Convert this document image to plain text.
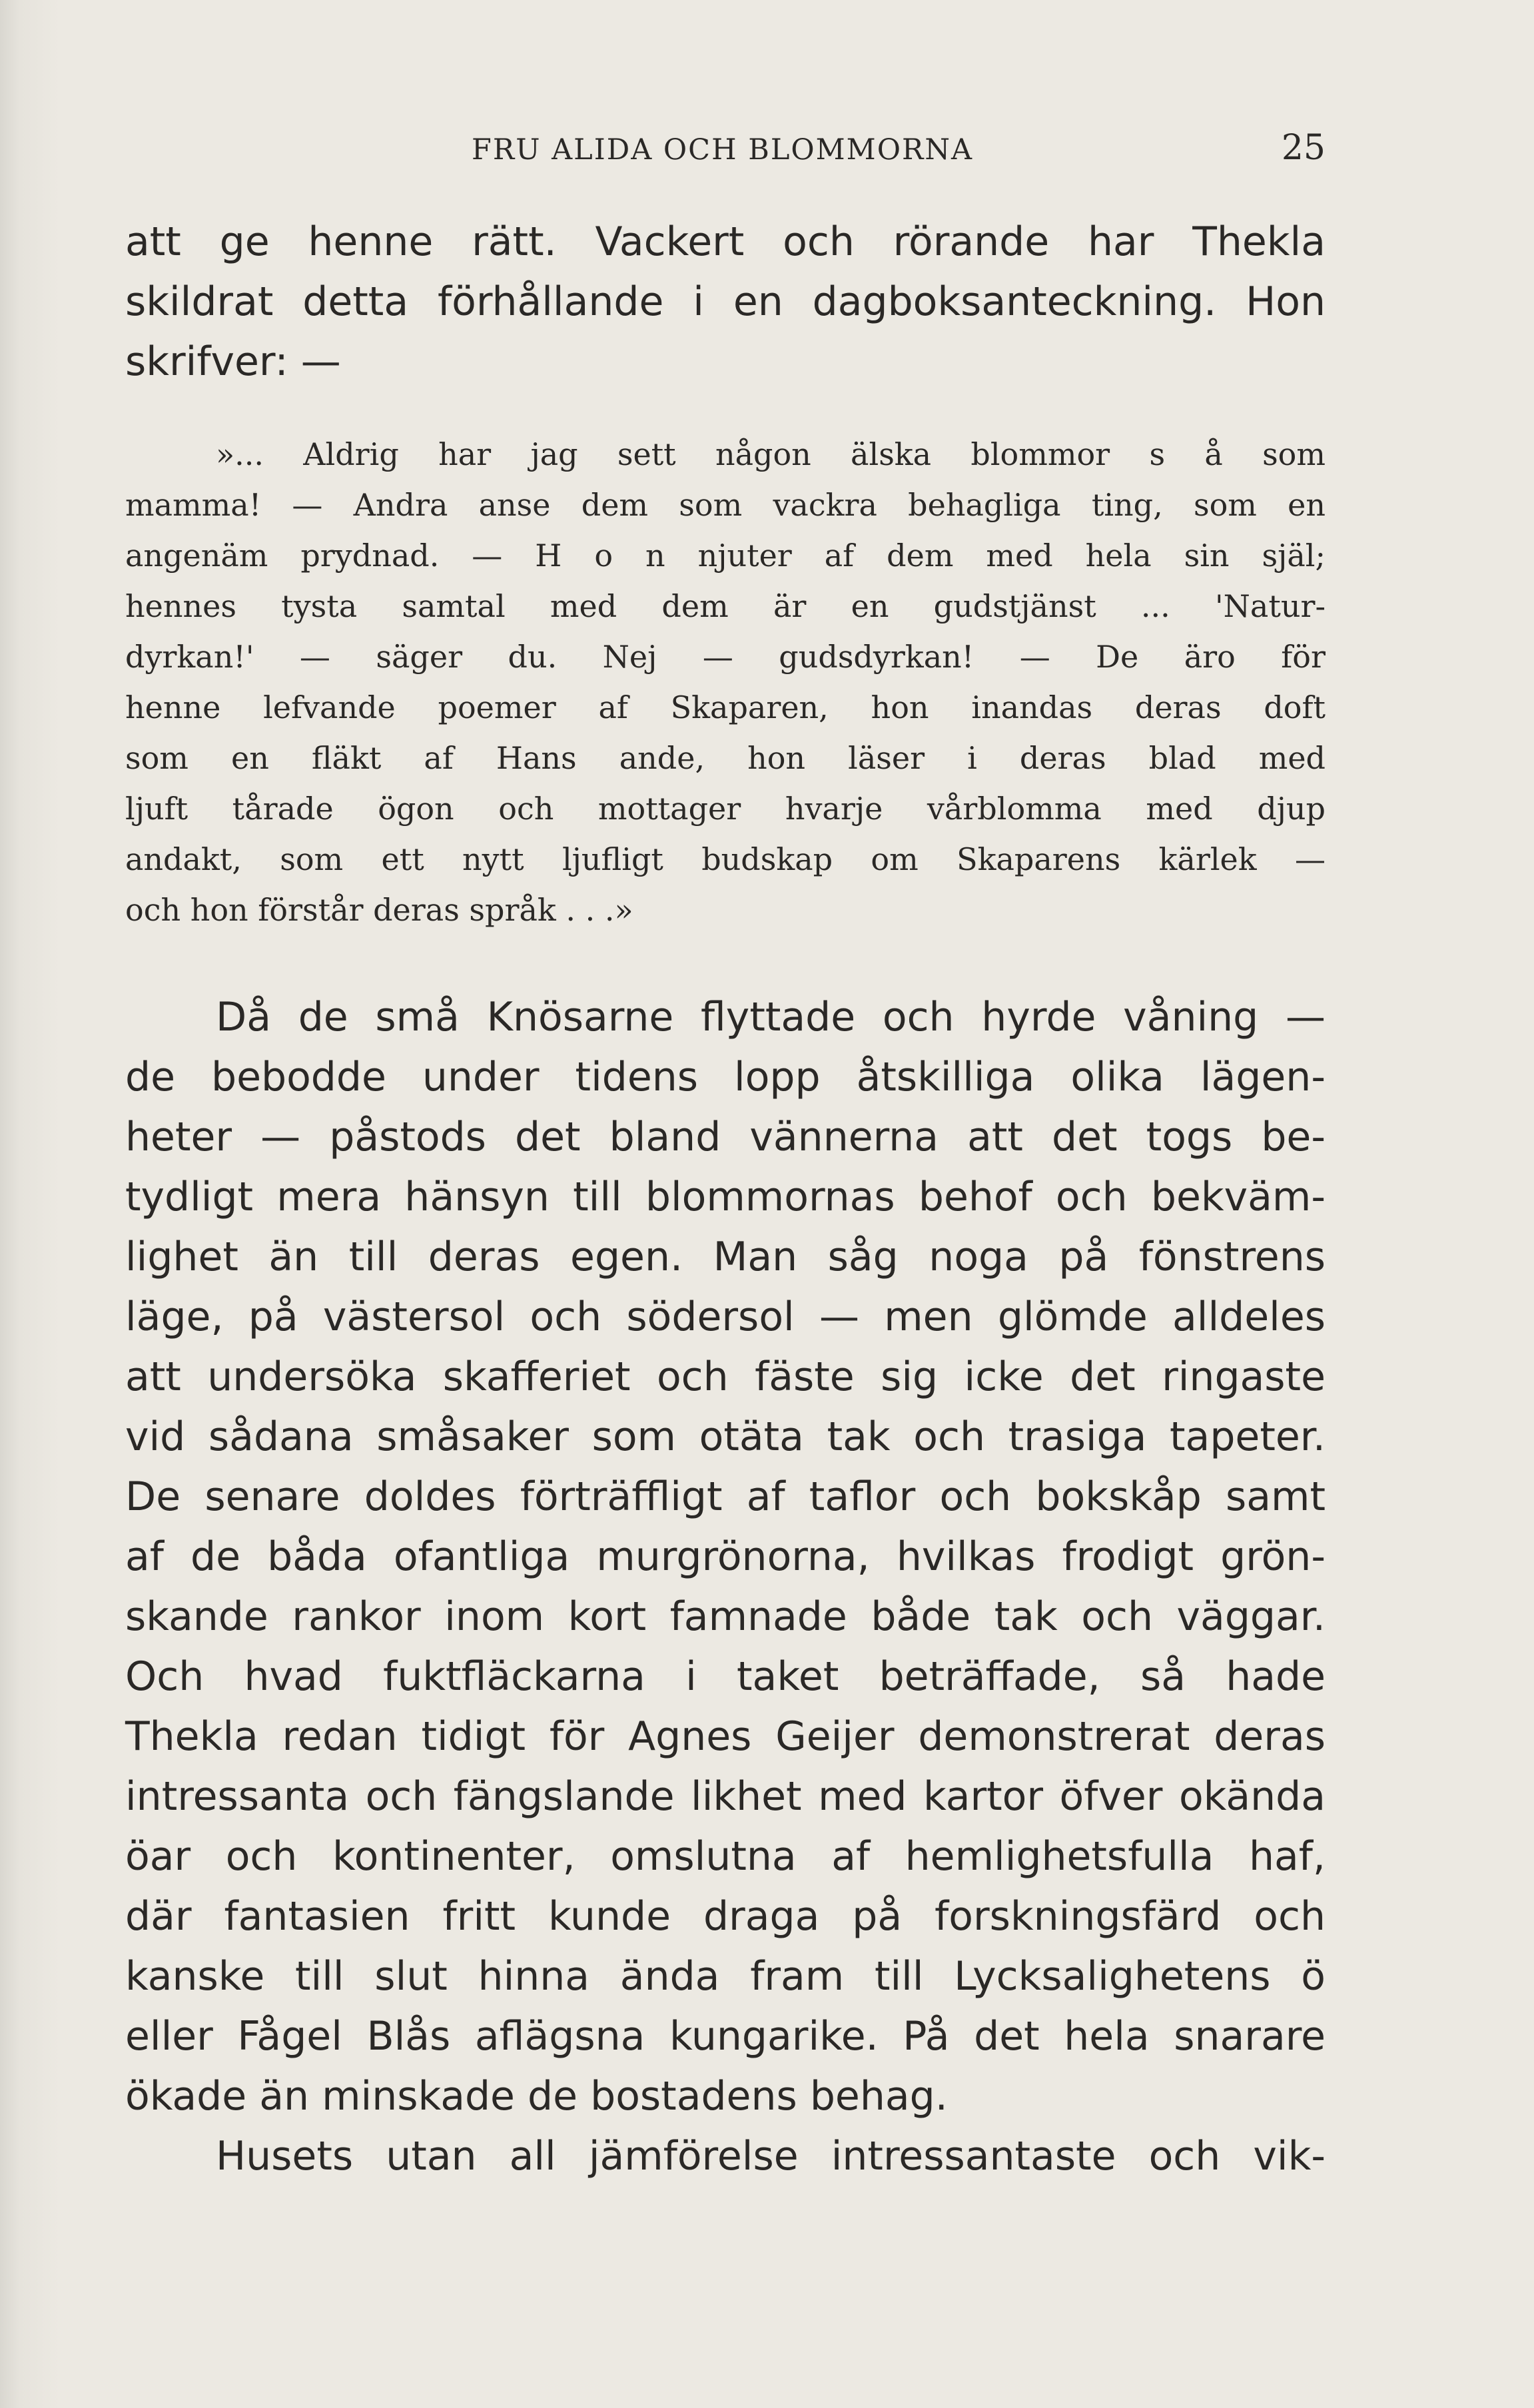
FRU ALIDA OCH BLOMMORNA	25
att ge henne rätt. Vackert och rörande har Thekla
skildrat detta förhållande i en dagboksanteckning. Hon
skrifver: —
»... Aldrig har jag sett någon älska blommor s å som
mamma! — Andra anse dem som vackra behagliga ting, som en
angenäm prydnad. — H o n njuter af dem med hela sin själ;
hennes tysta samtal med dem är en gudstjänst ... 'Natur-
dyrkan!' — säger du. Nej — gudsdyrkan! — De äro för
henne lefvande poemer af Skaparen, hon inandas deras doft
som en fläkt af Hans ande, hon läser i deras blad med
ljuft tårade ögon och mottager hvarje vårblomma med djup
andakt, som ett nytt ljufligt budskap om Skaparens kärlek —
och hon förstår deras språk . . .»
Då de små Knösarne flyttade och hyrde våning —
de bebodde under tidens lopp åtskilliga olika lägen-
heter — påstods det bland vännerna att det togs be-
tydligt mera hänsyn till blommornas behof och bekväm-
lighet än till deras egen. Man såg noga på fönstrens
läge, på västersol och södersol — men glömde alldeles
att undersöka skafferiet och fäste sig icke det ringaste
vid sådana småsaker som otäta tak och trasiga tapeter.
De senare doldes förträffligt af taflor och bokskåp samt
af de båda ofantliga murgrönorna, hvilkas frodigt grön-
skande rankor inom kort famnade både tak och väggar.
Och hvad fuktfläckarna i taket beträffade, så hade
Thekla redan tidigt för Agnes Geijer demonstrerat deras
intressanta och fängslande likhet med kartor öfver okända
öar och kontinenter, omslutna af hemlighetsfulla haf,
där fantasien fritt kunde draga på forskningsfärd och
kanske till slut hinna ända fram till Lycksalighetens ö
eller Fågel Blås aflägsna kungarike. På det hela snarare
ökade än minskade de bostadens behag.
Husets utan all jämförelse intressantaste och vik-
